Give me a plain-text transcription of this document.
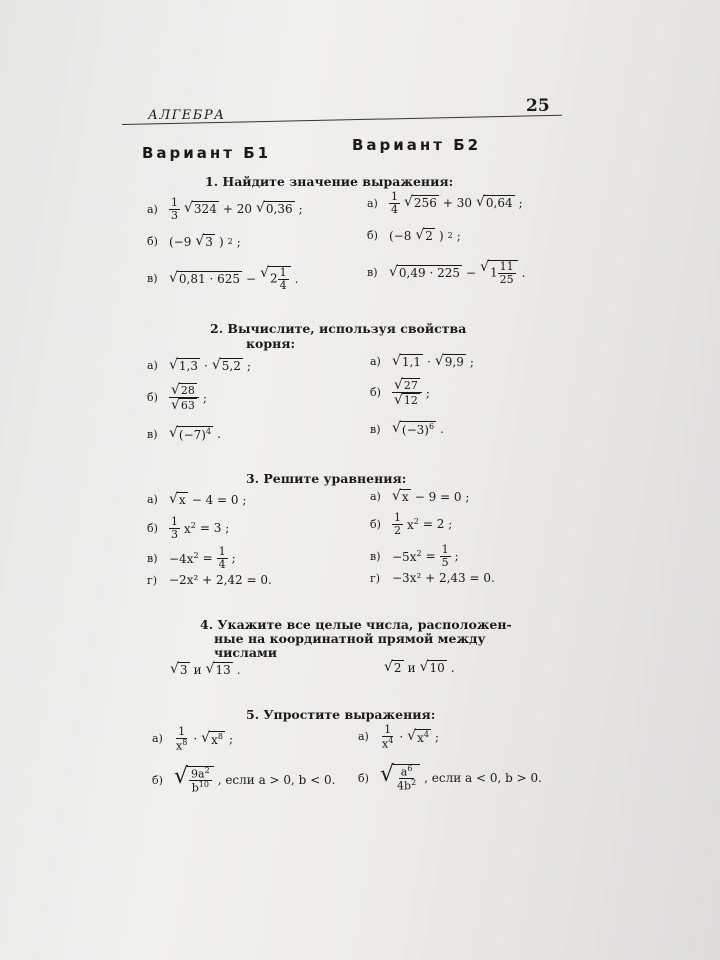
АЛГЕБРА	25
Вариант Б1	Вариант Б2
1. Найдите значение выражения:
а)	$\frac{1}{3}$ √ 324 + 20 √ 0,36 ;	а)	$\frac{1}{4}$ √ 256 + 30 √ 0,64 ;
б) (−9 √ 3 ) 2 ;	б) (−8 √ 2 ) 2 ;
в) √ 0,81 · 625 − √ $2 \frac{1}{4}$ .	в) √ 0,49 · 225 − √ $1 \frac{11}{25}$ .
2. Вычислите, используя свойства
корня:
а) √ 1,3 · √ 5,2 ;	а) √ 1,1 · √ 9,9 ;
$б) \frac{√ 28}{√ 63}$ ;	$б) \frac{√ 27}{√ 12}$ ;
в) √ $(-7)^4$ .	в) √ $(-3)^6$ .
3. Решите уравнения:
а) √ x − 4 = 0 ;	а) √ x − 9 = 0 ;
б)	$\frac{1}{3} x^2 = 3$ ;	б)	$\frac{1}{2} x^2 = 2$ ;
$в) -4x^2 = \frac{1}{4}$ ;	$в) -5x^2 = \frac{1}{5}$ ;
г) −2x² + 2,42 = 0.	г) −3x² + 2,43 = 0.
4. Укажите все целые числа, расположен-
ные на координатной прямой между
числами
√ 3 и √ 13 .	√ 2 и √ 10 .
5. Упростите выражения:
а)	$\frac{1}{x^8}$ · √ $x^8$ ;	а)	$\frac{1}{x^4}$ · √ $x^4$ ;
б) √ $\frac{9a^2}{b^{10}}$ , если a > 0, b < 0. б) √ $\frac{a^6}{4b^2}$ , если a < 0, b > 0.
